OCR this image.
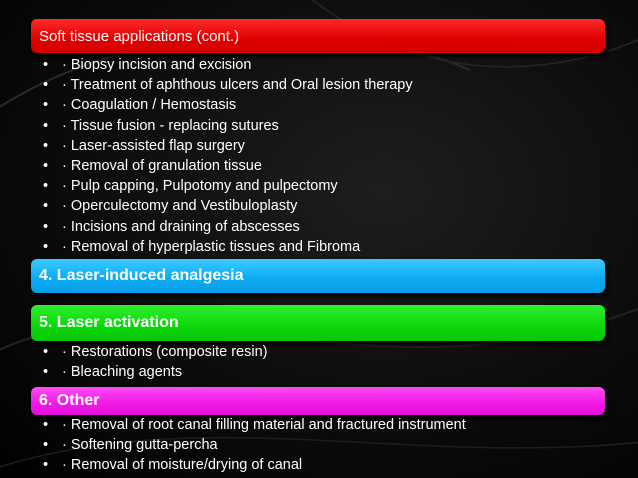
Soft tissue applications (cont.)
• · Biopsy incision and excision
• · Treatment of aphthous ulcers and Oral lesion therapy
• · Coagulation / Hemostasis
• · Tissue fusion - replacing sutures
• · Laser-assisted flap surgery
• · Removal of granulation tissue
• · Pulp capping, Pulpotomy and pulpectomy
• · Operculectomy and Vestibuloplasty
• · Incisions and draining of abscesses
• · Removal of hyperplastic tissues and Fibroma
4. Laser-induced analgesia
5. Laser activation
• · Restorations (composite resin)
• · Bleaching agents
6. Other
• · Removal of root canal filling material and fractured instrument
• · Softening gutta-percha
• · Removal of moisture/drying of canal
